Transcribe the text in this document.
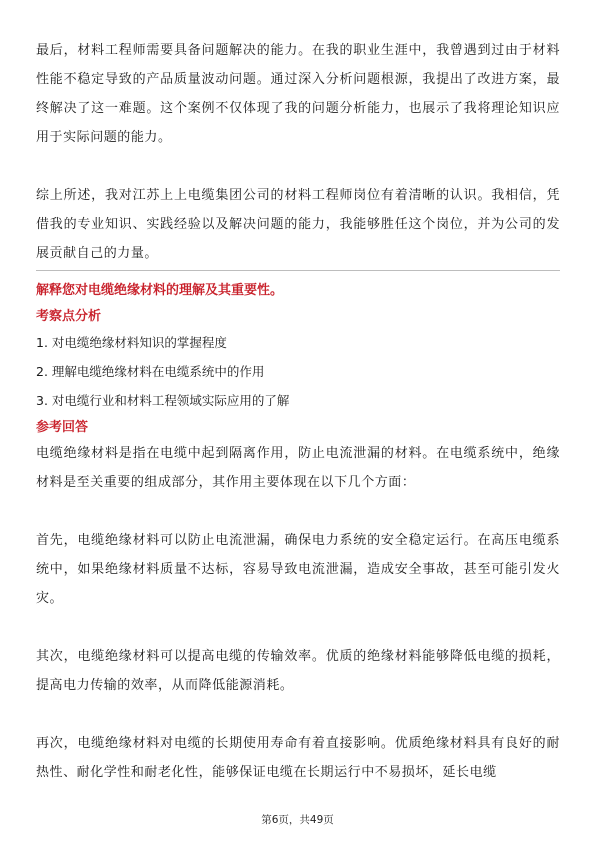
最后，材料工程师需要具备问题解决的能力。在我的职业生涯中，我曾遇到过由于材料性能不稳定导致的产品质量波动问题。通过深入分析问题根源，我提出了改进方案，最终解决了这一难题。这个案例不仅体现了我的问题分析能力，也展示了我将理论知识应用于实际问题的能力。

综上所述，我对江苏上上电缆集团公司的材料工程师岗位有着清晰的认识。我相信，凭借我的专业知识、实践经验以及解决问题的能力，我能够胜任这个岗位，并为公司的发展贡献自己的力量。

解释您对电缆绝缘材料的理解及其重要性。

考察点分析

1. 对电缆绝缘材料知识的掌握程度
2. 理解电缆绝缘材料在电缆系统中的作用
3. 对电缆行业和材料工程领域实际应用的了解

参考回答

电缆绝缘材料是指在电缆中起到隔离作用，防止电流泄漏的材料。在电缆系统中，绝缘材料是至关重要的组成部分，其作用主要体现在以下几个方面：

首先，电缆绝缘材料可以防止电流泄漏，确保电力系统的安全稳定运行。在高压电缆系统中，如果绝缘材料质量不达标，容易导致电流泄漏，造成安全事故，甚至可能引发火灾。

其次，电缆绝缘材料可以提高电缆的传输效率。优质的绝缘材料能够降低电缆的损耗，提高电力传输的效率，从而降低能源消耗。

再次，电缆绝缘材料对电缆的长期使用寿命有着直接影响。优质绝缘材料具有良好的耐热性、耐化学性和耐老化性，能够保证电缆在长期运行中不易损坏，延长电缆

第6页，共49页
